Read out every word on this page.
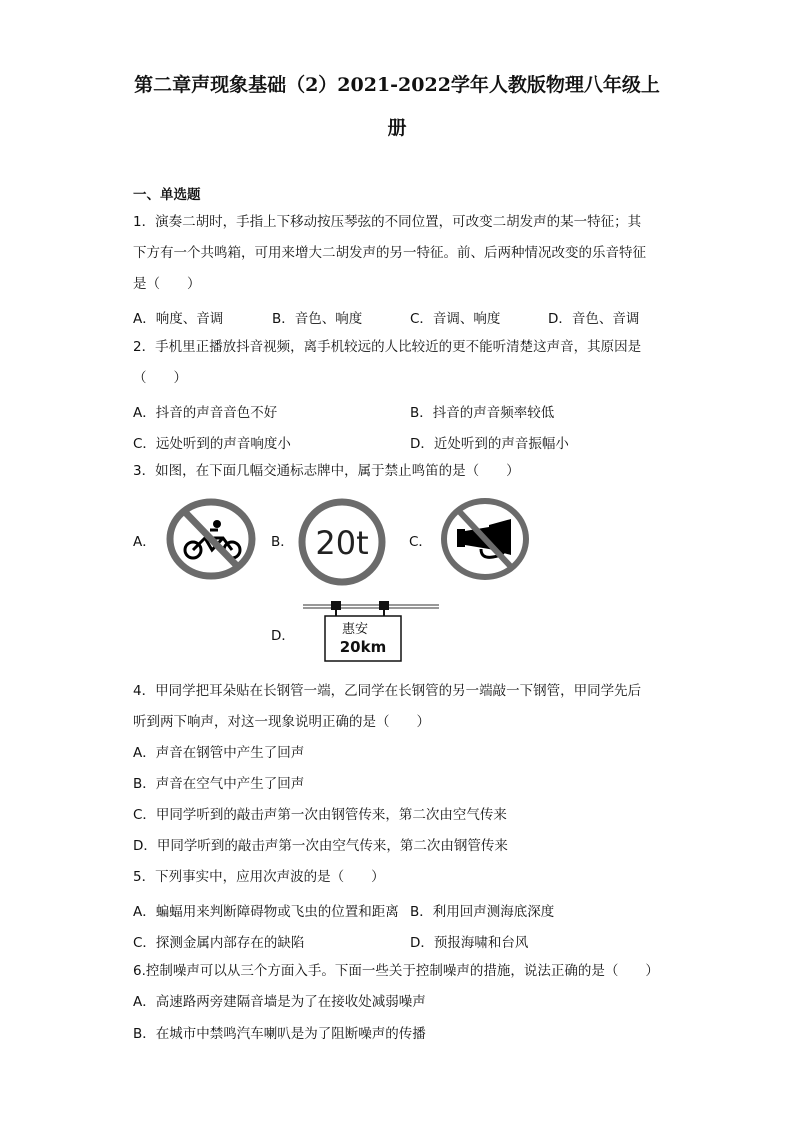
第二章声现象基础（2）2021-2022学年人教版物理八年级上
册
一、单选题
1．演奏二胡时，手指上下移动按压琴弦的不同位置，可改变二胡发声的某一特征；其
下方有一个共鸣箱，可用来增大二胡发声的另一特征。前、后两种情况改变的乐音特征
是（　　）
A．响度、音调	B．音色、响度	C．音调、响度	D．音色、音调
2．手机里正播放抖音视频，离手机较远的人比较近的更不能听清楚这声音，其原因是
（　　）
A．抖音的声音音色不好	B．抖音的声音频率较低
C．远处听到的声音响度小	D．近处听到的声音振幅小
3．如图，在下面几幅交通标志牌中，属于禁止鸣笛的是（　　）
A．	B． 20t	C．
D．	惠安
20km
4．甲同学把耳朵贴在长钢管一端，乙同学在长钢管的另一端敲一下钢管，甲同学先后
听到两下响声，对这一现象说明正确的是（　　）
A．声音在钢管中产生了回声
B．声音在空气中产生了回声
C．甲同学听到的敲击声第一次由钢管传来，第二次由空气传来
D．甲同学听到的敲击声第一次由空气传来，第二次由钢管传来
5．下列事实中，应用次声波的是（　　）
A．蝙蝠用来判断障碍物或飞虫的位置和距离 B．利用回声测海底深度
C．探测金属内部存在的缺陷	D．预报海啸和台风
6.控制噪声可以从三个方面入手。下面一些关于控制噪声的措施，说法正确的是（　　）
A．高速路两旁建隔音墙是为了在接收处减弱噪声
B．在城市中禁鸣汽车喇叭是为了阻断噪声的传播
